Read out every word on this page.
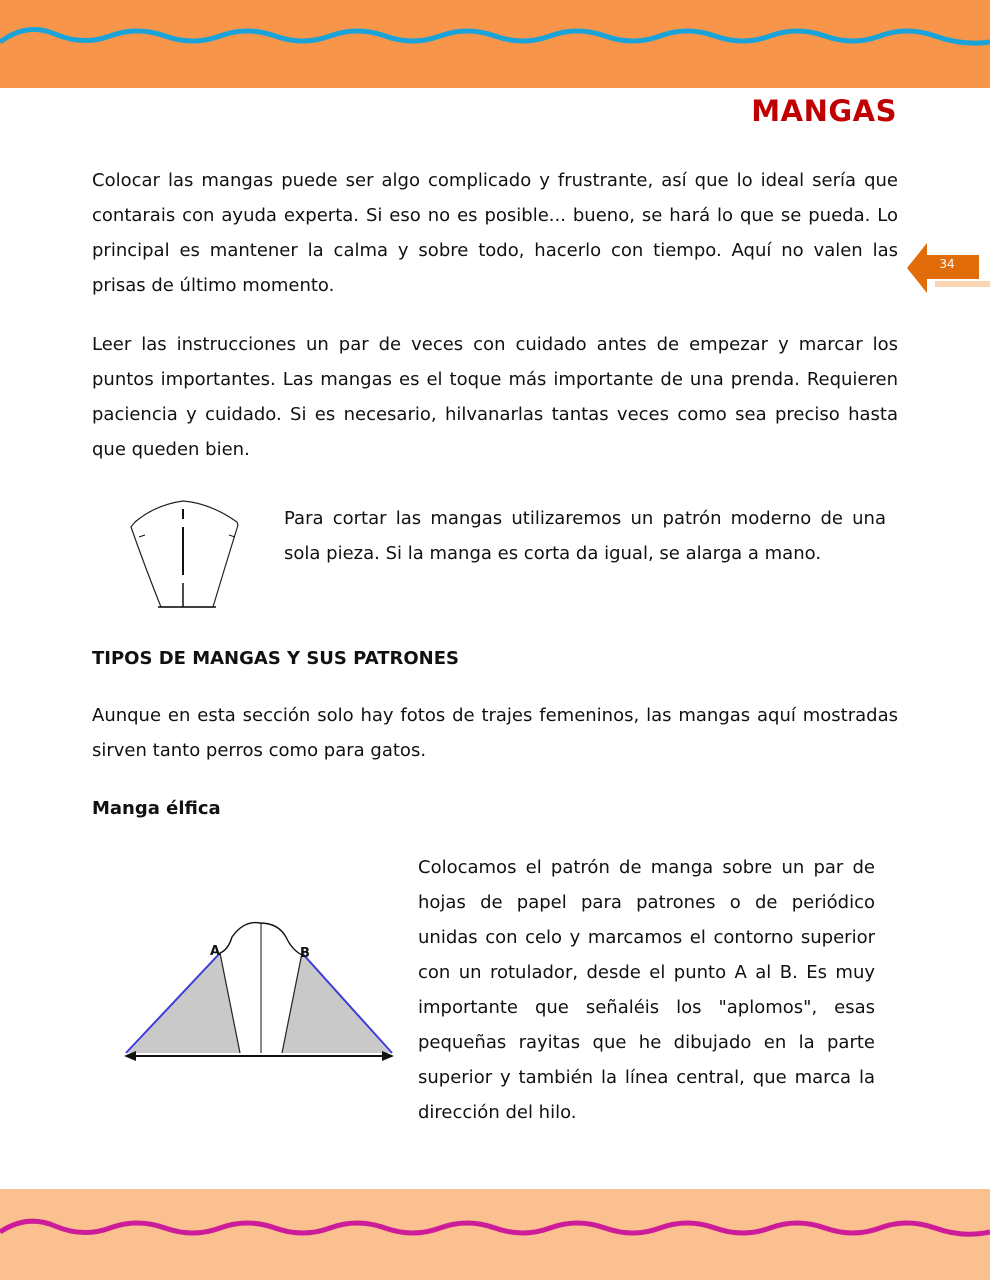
MANGAS
34

Colocar las mangas puede ser algo complicado y frustrante, así que lo ideal sería que contarais con ayuda experta. Si eso no es posible... bueno, se hará lo que se pueda. Lo principal es mantener la calma y sobre todo, hacerlo con tiempo. Aquí no valen las prisas de último momento.

Leer las instrucciones un par de veces con cuidado antes de empezar y marcar los puntos importantes. Las mangas es el toque más importante de una prenda. Requieren paciencia y cuidado. Si es necesario, hilvanarlas tantas veces como sea preciso hasta que queden bien.

Para cortar las mangas utilizaremos un patrón moderno de una sola pieza. Si la manga es corta da igual, se alarga a mano.

TIPOS DE MANGAS Y SUS PATRONES

Aunque en esta sección solo hay fotos de trajes femeninos, las mangas aquí mostradas sirven tanto perros como para gatos.

Manga élfica

A	B

Colocamos el patrón de manga sobre un par de hojas de papel para patrones o de periódico unidas con celo y marcamos el contorno superior con un rotulador, desde el punto A al B. Es muy importante que señaléis los "aplomos", esas pequeñas rayitas que he dibujado en la parte superior y también la línea central, que marca la dirección del hilo.
